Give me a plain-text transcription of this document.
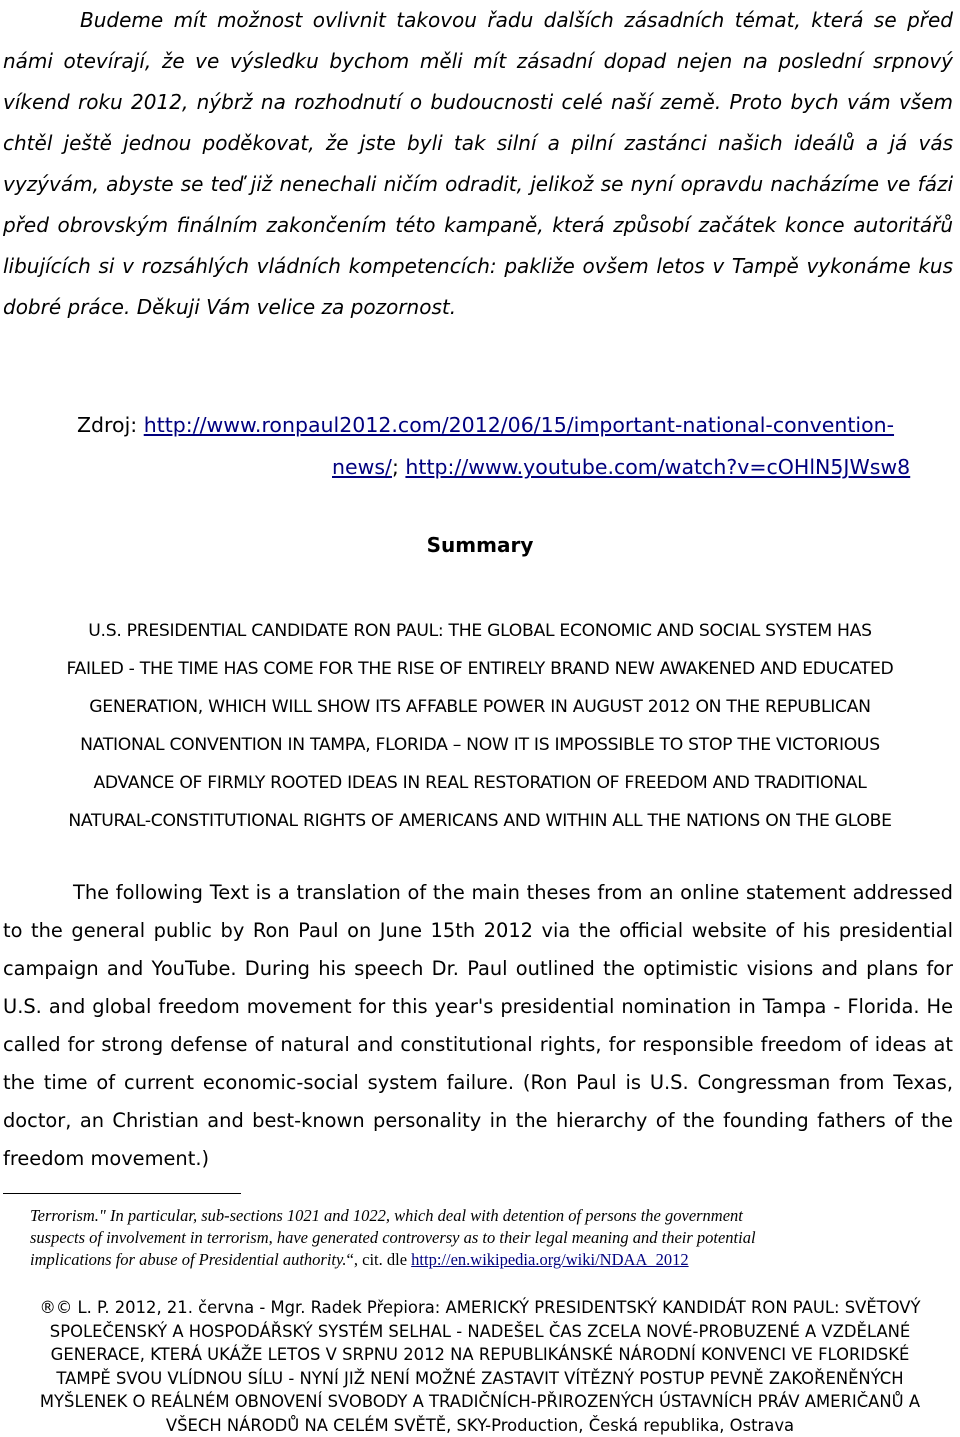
Budeme mít možnost ovlivnit takovou řadu dalších zásadních témat, která se před námi otevírají, že ve výsledku bychom měli mít zásadní dopad nejen na poslední srpnový víkend roku 2012, nýbrž na rozhodnutí o budoucnosti celé naší země. Proto bych vám všem chtěl ještě jednou poděkovat, že jste byli tak silní a pilní zastánci našich ideálů a já vás vyzývám, abyste se teď již nenechali ničím odradit, jelikož se nyní opravdu nacházíme ve fázi před obrovským finálním zakončením této kampaně, která způsobí začátek konce autoritářů libujících si v rozsáhlých vládních kompetencích: pakliže ovšem letos v Tampě vykonáme kus dobré práce. Děkuji Vám velice za pozornost.

Zdroj: http://www.ronpaul2012.com/2012/06/15/important-national-convention-
news/; http://www.youtube.com/watch?v=cOHlN5JWsw8
Summary
U.S. PRESIDENTIAL CANDIDATE RON PAUL: THE GLOBAL ECONOMIC AND SOCIAL SYSTEM HAS
FAILED - THE TIME HAS COME FOR THE RISE OF ENTIRELY BRAND NEW AWAKENED AND EDUCATED
GENERATION, WHICH WILL SHOW ITS AFFABLE POWER IN AUGUST 2012 ON THE REPUBLICAN
NATIONAL CONVENTION IN TAMPA, FLORIDA – NOW IT IS IMPOSSIBLE TO STOP THE VICTORIOUS
ADVANCE OF FIRMLY ROOTED IDEAS IN REAL RESTORATION OF FREEDOM AND TRADITIONAL
NATURAL-CONSTITUTIONAL RIGHTS OF AMERICANS AND WITHIN ALL THE NATIONS ON THE GLOBE

The following Text is a translation of the main theses from an online statement addressed to the general public by Ron Paul on June 15th 2012 via the official website of his presidential campaign and YouTube. During his speech Dr. Paul outlined the optimistic visions and plans for U.S. and global freedom movement for this year's presidential nomination in Tampa - Florida. He called for strong defense of natural and constitutional rights, for responsible freedom of ideas at the time of current economic-social system failure. (Ron Paul is U.S. Congressman from Texas, doctor, an Christian and best-known personality in the hierarchy of the founding fathers of the freedom movement.)

Terrorism." In particular, sub-sections 1021 and 1022, which deal with detention of persons the government
suspects of involvement in terrorism, have generated controversy as to their legal meaning and their potential
implications for abuse of Presidential authority.“, cit. dle http://en.wikipedia.org/wiki/NDAA_2012
®© L. P. 2012, 21. června - Mgr. Radek Přepiora: AMERICKÝ PRESIDENTSKÝ KANDIDÁT RON PAUL: SVĚTOVÝ
SPOLEČENSKÝ A HOSPODÁŘSKÝ SYSTÉM SELHAL - NADEŠEL ČAS ZCELA NOVÉ-PROBUZENÉ A VZDĚLANÉ
GENERACE, KTERÁ UKÁŽE LETOS V SRPNU 2012 NA REPUBLIKÁNSKÉ NÁRODNÍ KONVENCI VE FLORIDSKÉ
TAMPĚ SVOU VLÍDNOU SÍLU - NYNÍ JIŽ NENÍ MOŽNÉ ZASTAVIT VÍTĚZNÝ POSTUP PEVNĚ ZAKOŘENĚNÝCH
MYŠLENEK O REÁLNÉM OBNOVENÍ SVOBODY A TRADIČNÍCH-PŘIROZENÝCH ÚSTAVNÍCH PRÁV AMERIČANŮ A
VŠECH NÁRODŮ NA CELÉM SVĚTĚ, SKY-Production, Česká republika, Ostrava
